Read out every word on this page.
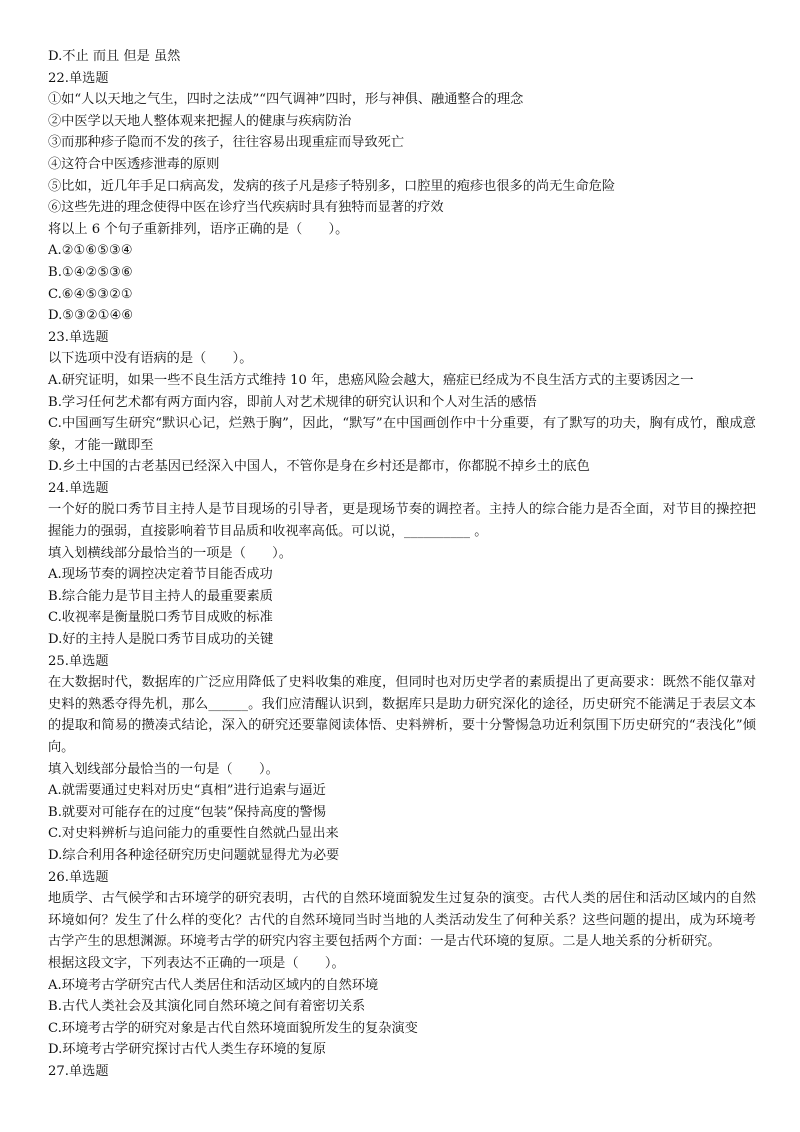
D.不止 而且 但是 虽然
22.单选题
①如“人以天地之气生，四时之法成”“四气调神”四时，形与神俱、融通整合的理念
②中医学以天地人整体观来把握人的健康与疾病防治
③而那种疹子隐而不发的孩子，往往容易出现重症而导致死亡
④这符合中医透疹泄毒的原则
⑤比如，近几年手足口病高发，发病的孩子凡是疹子特别多，口腔里的疱疹也很多的尚无生命危险
⑥这些先进的理念使得中医在诊疗当代疾病时具有独特而显著的疗效
将以上 6 个句子重新排列，语序正确的是（　　）。
A.②①⑥⑤③④
B.①④②⑤③⑥
C.⑥④⑤③②①
D.⑤③②①④⑥
23.单选题
以下选项中没有语病的是（　　）。
A.研究证明，如果一些不良生活方式维持 10 年，患癌风险会越大，癌症已经成为不良生活方式的主要诱因之一
B.学习任何艺术都有两方面内容，即前人对艺术规律的研究认识和个人对生活的感悟
C.中国画写生研究“默识心记，烂熟于胸”，因此，“默写”在中国画创作中十分重要，有了默写的功夫，胸有成竹，酿成意象，才能一蹴即至
D.乡土中国的古老基因已经深入中国人，不管你是身在乡村还是都市，你都脱不掉乡土的底色
24.单选题
一个好的脱口秀节目主持人是节目现场的引导者，更是现场节奏的调控者。主持人的综合能力是否全面，对节目的操控把握能力的强弱，直接影响着节目品质和收视率高低。可以说，__________ 。
填入划横线部分最恰当的一项是（　　）。
A.现场节奏的调控决定着节目能否成功
B.综合能力是节目主持人的最重要素质
C.收视率是衡量脱口秀节目成败的标准
D.好的主持人是脱口秀节目成功的关键
25.单选题
在大数据时代，数据库的广泛应用降低了史料收集的难度，但同时也对历史学者的素质提出了更高要求：既然不能仅靠对史料的熟悉夺得先机，那么______。我们应清醒认识到，数据库只是助力研究深化的途径，历史研究不能满足于表层文本的提取和简易的攒凑式结论，深入的研究还要靠阅读体悟、史料辨析，要十分警惕急功近利氛围下历史研究的“表浅化”倾向。
填入划线部分最恰当的一句是（　　）。
A.就需要通过史料对历史“真相”进行追索与逼近
B.就要对可能存在的过度“包装”保持高度的警惕
C.对史料辨析与追问能力的重要性自然就凸显出来
D.综合利用各种途径研究历史问题就显得尤为必要
26.单选题
地质学、古气候学和古环境学的研究表明，古代的自然环境面貌发生过复杂的演变。古代人类的居住和活动区域内的自然环境如何？发生了什么样的变化？古代的自然环境同当时当地的人类活动发生了何种关系？这些问题的提出，成为环境考古学产生的思想渊源。环境考古学的研究内容主要包括两个方面：一是古代环境的复原。二是人地关系的分析研究。
根据这段文字，下列表达不正确的一项是（　　）。
A.环境考古学研究古代人类居住和活动区域内的自然环境
B.古代人类社会及其演化同自然环境之间有着密切关系
C.环境考古学的研究对象是古代自然环境面貌所发生的复杂演变
D.环境考古学研究探讨古代人类生存环境的复原
27.单选题
